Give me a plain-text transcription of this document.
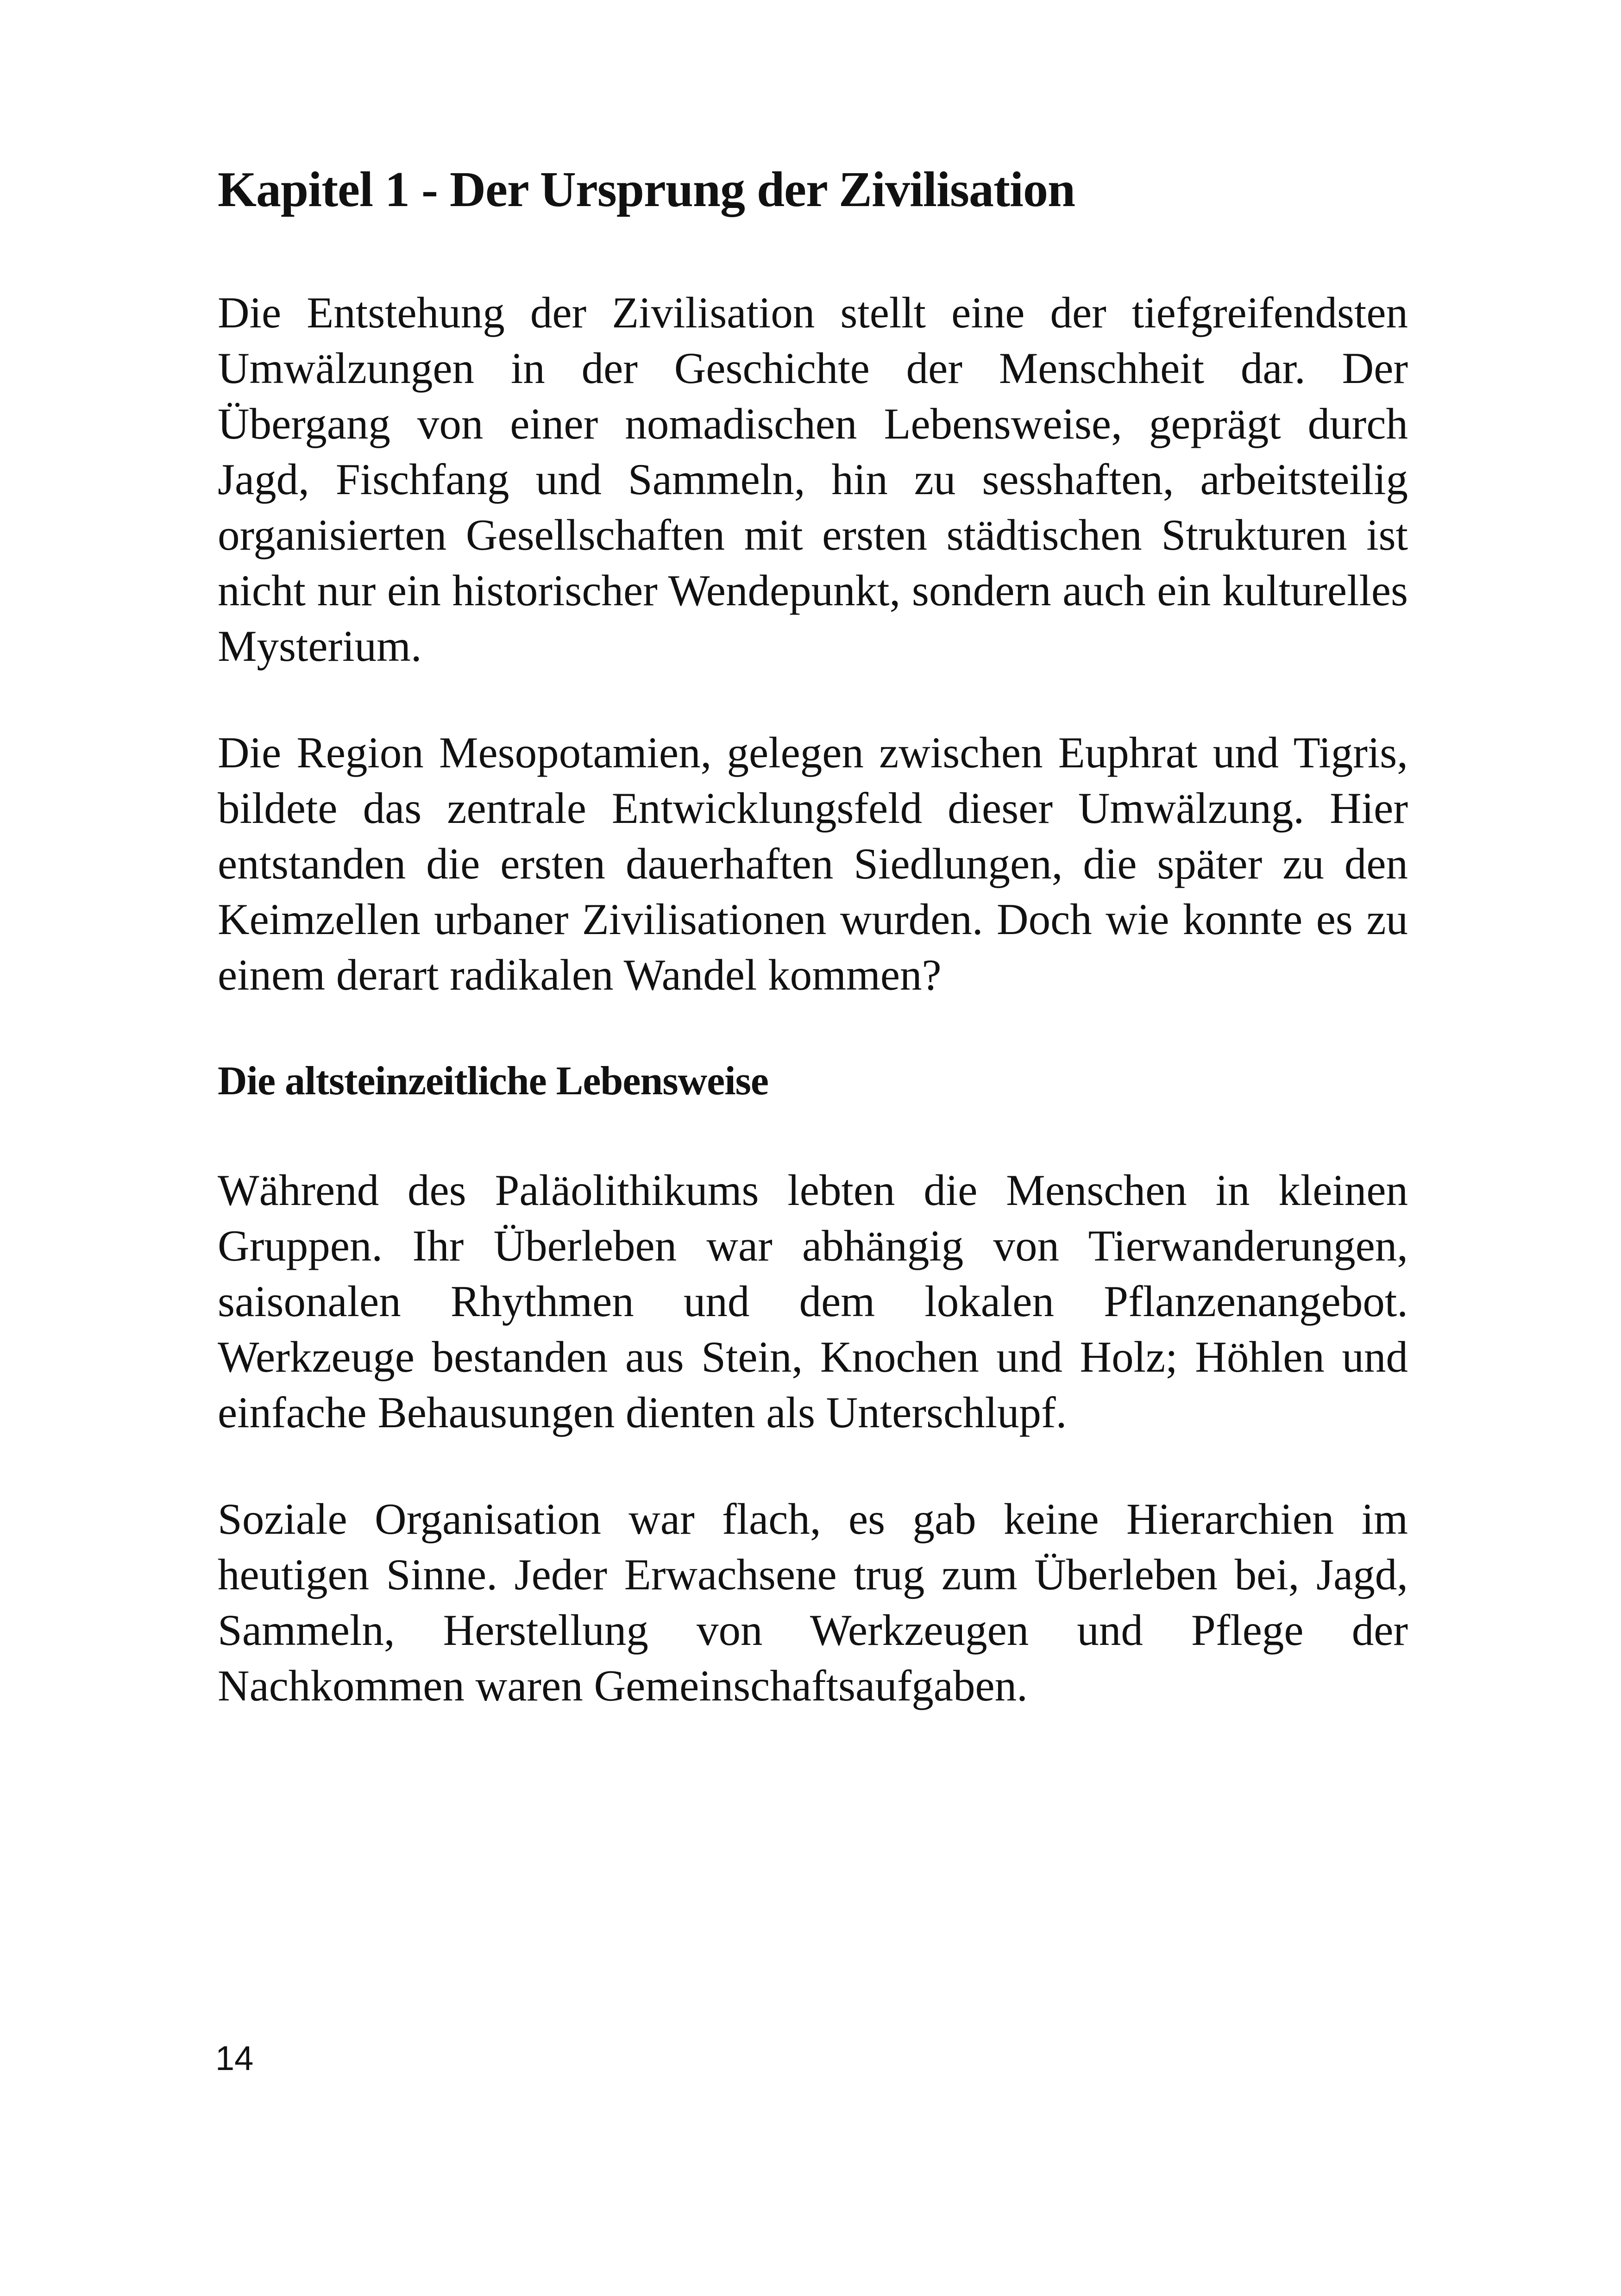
Kapitel 1 - Der Ursprung der Zivilisation

Die Entstehung der Zivilisation stellt eine der tiefgreifendsten Umwälzungen in der Geschichte der Menschheit dar. Der Übergang von einer nomadischen Lebensweise, geprägt durch Jagd, Fischfang und Sammeln, hin zu sesshaften, arbeitsteilig organisierten Gesellschaften mit ersten städtischen Strukturen ist nicht nur ein historischer Wendepunkt, sondern auch ein kulturelles Mysterium.

Die Region Mesopotamien, gelegen zwischen Euphrat und Tigris, bildete das zentrale Entwicklungsfeld dieser Umwälzung. Hier entstanden die ersten dauerhaften Siedlungen, die später zu den Keimzellen urbaner Zivilisationen wurden. Doch wie konnte es zu einem derart radikalen Wandel kommen?

Die altsteinzeitliche Lebensweise

Während des Paläolithikums lebten die Menschen in kleinen Gruppen. Ihr Überleben war abhängig von Tierwanderungen, saisonalen Rhythmen und dem lokalen Pflanzenangebot. Werkzeuge bestanden aus Stein, Knochen und Holz; Höhlen und einfache Behausungen dienten als Unterschlupf.

Soziale Organisation war flach, es gab keine Hierarchien im heutigen Sinne. Jeder Erwachsene trug zum Überleben bei, Jagd, Sammeln, Herstellung von Werkzeugen und Pflege der Nachkommen waren Gemeinschaftsaufgaben.

14
